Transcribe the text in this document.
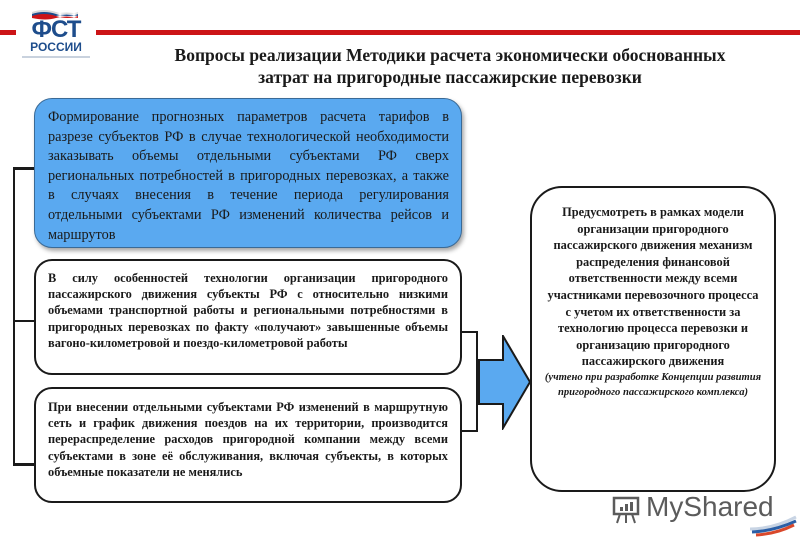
ФСТ
РОССИИ	Вопросы реализации Методики расчета экономически обоснованных
затрат на пригородные пассажирские перевозки
Формирование прогнозных параметров расчета тарифов в разрезе субъектов РФ в случае технологической необходимости заказывать объемы отдельными субъектами РФ сверх региональных потребностей в пригородных перевозках, а также в случаях внесения в течение периода регулирования отдельными субъектами РФ изменений количества рейсов и маршрутов
В силу особенностей технологии организации пригородного пассажирского движения субъекты РФ с относительно низкими объемами транспортной работы и региональными потребностями в пригородных перевозках по факту «получают» завышенные объемы вагоно-километровой и поездо-километровой работы
При внесении отдельными субъектами РФ изменений в маршрутную сеть и график движения поездов на их территории, производится перераспределение расходов пригородной компании между всеми субъектами в зоне её обслуживания, включая субъекты, в которых объемные показатели не менялись
Предусмотреть в рамках модели организации пригородного пассажирского движения механизм распределения финансовой ответственности между всеми участниками перевозочного процесса с учетом их ответственности за технологию процесса перевозки и организацию пригородного пассажирского движения
(учтено при разработке Концепции развития пригородного пассажирского комплекса)
MyShared
